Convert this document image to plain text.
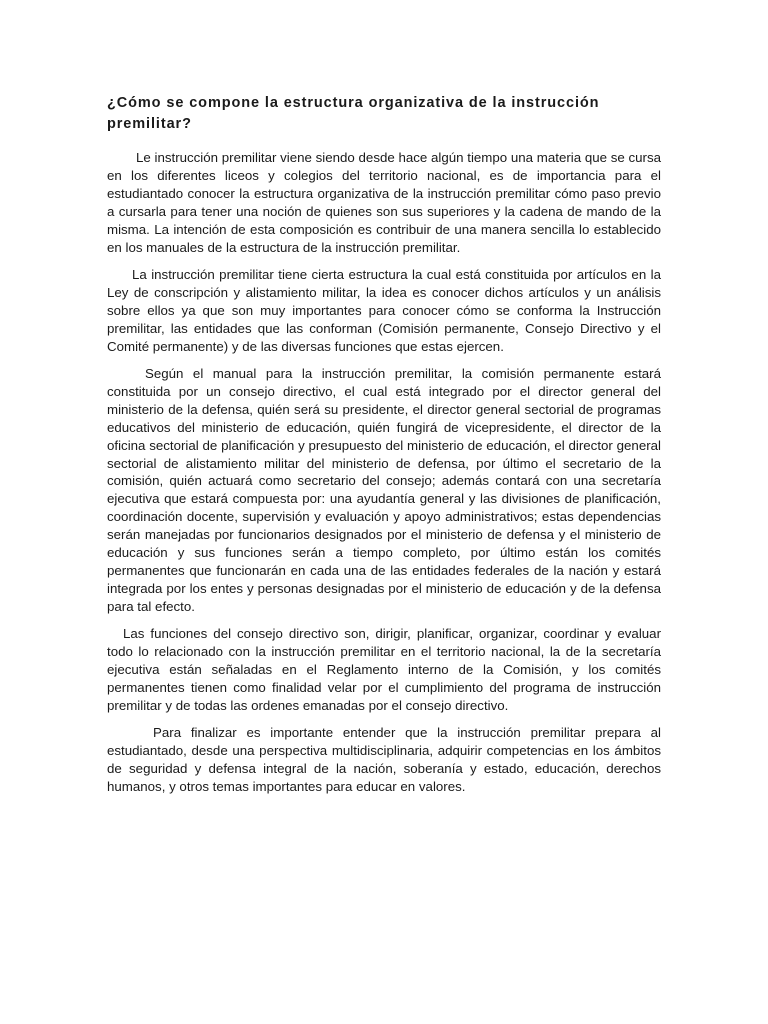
¿Cómo se compone la estructura organizativa de la instrucción premilitar?

Le instrucción premilitar viene siendo desde hace algún tiempo una materia que se cursa en los diferentes liceos y colegios del territorio nacional, es de importancia para el estudiantado conocer la estructura organizativa de la instrucción premilitar cómo paso previo a cursarla para tener una noción de quienes son sus superiores y la cadena de mando de la misma. La intención de esta composición es contribuir de una manera sencilla lo establecido en los manuales de la estructura de la instrucción premilitar.

La instrucción premilitar tiene cierta estructura la cual está constituida por artículos en la Ley de conscripción y alistamiento militar, la idea es conocer dichos artículos y un análisis sobre ellos ya que son muy importantes para conocer cómo se conforma la Instrucción premilitar, las entidades que las conforman (Comisión permanente, Consejo Directivo y el Comité permanente) y de las diversas funciones que estas ejercen.

Según el manual para la instrucción premilitar, la comisión permanente estará constituida por un consejo directivo, el cual está integrado por el director general del ministerio de la defensa, quién será su presidente, el director general sectorial de programas educativos del ministerio de educación, quién fungirá de vicepresidente, el director de la oficina sectorial de planificación y presupuesto del ministerio de educación, el director general sectorial de alistamiento militar del ministerio de defensa, por último el secretario de la comisión, quién actuará como secretario del consejo; además contará con una secretaría ejecutiva que estará compuesta por: una ayudantía general y las divisiones de planificación, coordinación docente, supervisión y evaluación y apoyo administrativos; estas dependencias serán manejadas por funcionarios designados por el ministerio de defensa y el ministerio de educación y sus funciones serán a tiempo completo, por último están los comités permanentes que funcionarán en cada una de las entidades federales de la nación y estará integrada por los entes y personas designadas por el ministerio de educación y de la defensa para tal efecto.

Las funciones del consejo directivo son, dirigir, planificar, organizar, coordinar y evaluar todo lo relacionado con la instrucción premilitar en el territorio nacional, la de la secretaría ejecutiva están señaladas en el Reglamento interno de la Comisión, y los comités permanentes tienen como finalidad velar por el cumplimiento del programa de instrucción premilitar y de todas las ordenes emanadas por el consejo directivo.

Para finalizar es importante entender que la instrucción premilitar prepara al estudiantado, desde una perspectiva multidisciplinaria, adquirir competencias en los ámbitos de seguridad y defensa integral de la nación, soberanía y estado, educación, derechos humanos, y otros temas importantes para educar en valores.
